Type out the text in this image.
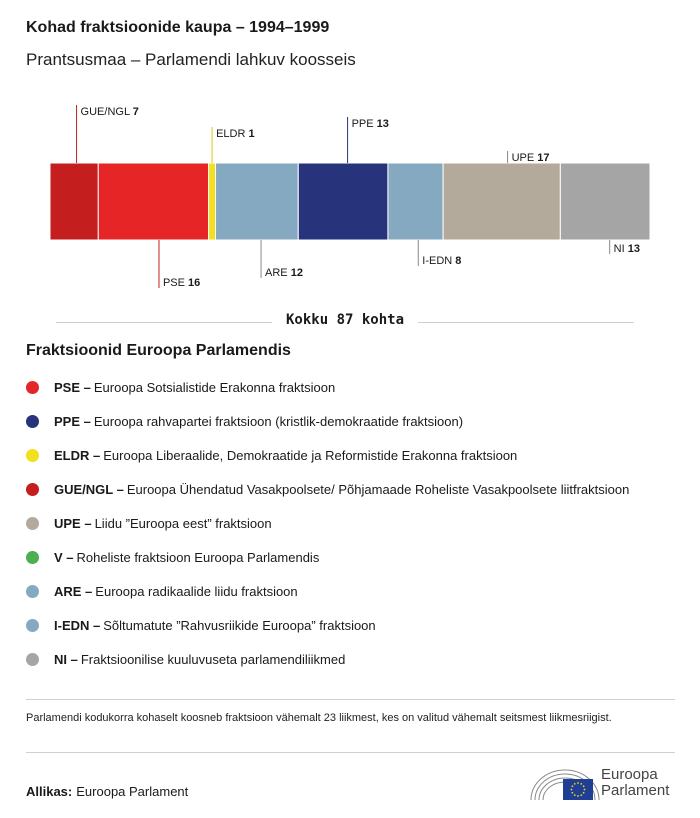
Kohad fraktsioonide kaupa – 1994–1999
Prantsusmaa – Parlamendi lahkuv koosseis
GUE/NGL 7
PSE 16
ELDR 1
ARE 12
PPE 13
I-EDN 8
UPE 17
NI 13
Kokku 87 kohta
Fraktsioonid Euroopa Parlamendis
PSE – Euroopa Sotsialistide Erakonna fraktsioon
PPE – Euroopa rahvapartei fraktsioon (kristlik-demokraatide fraktsioon)
ELDR – Euroopa Liberaalide, Demokraatide ja Reformistide Erakonna fraktsioon
GUE/NGL – Euroopa Ühendatud Vasakpoolsete/ Põhjamaade Roheliste Vasakpoolsete liitfraktsioon
UPE – Liidu ”Euroopa eest” fraktsioon
V – Roheliste fraktsioon Euroopa Parlamendis
ARE – Euroopa radikaalide liidu fraktsioon
I-EDN – Sõltumatute ”Rahvusriikide Euroopa” fraktsioon
NI – Fraktsioonilise kuuluvuseta parlamendiliikmed
Parlamendi kodukorra kohaselt koosneb fraktsioon vähemalt 23 liikmest, kes on valitud vähemalt seitsmest liikmesriigist.
Allikas: Euroopa Parlament
Euroopa
Parlament
